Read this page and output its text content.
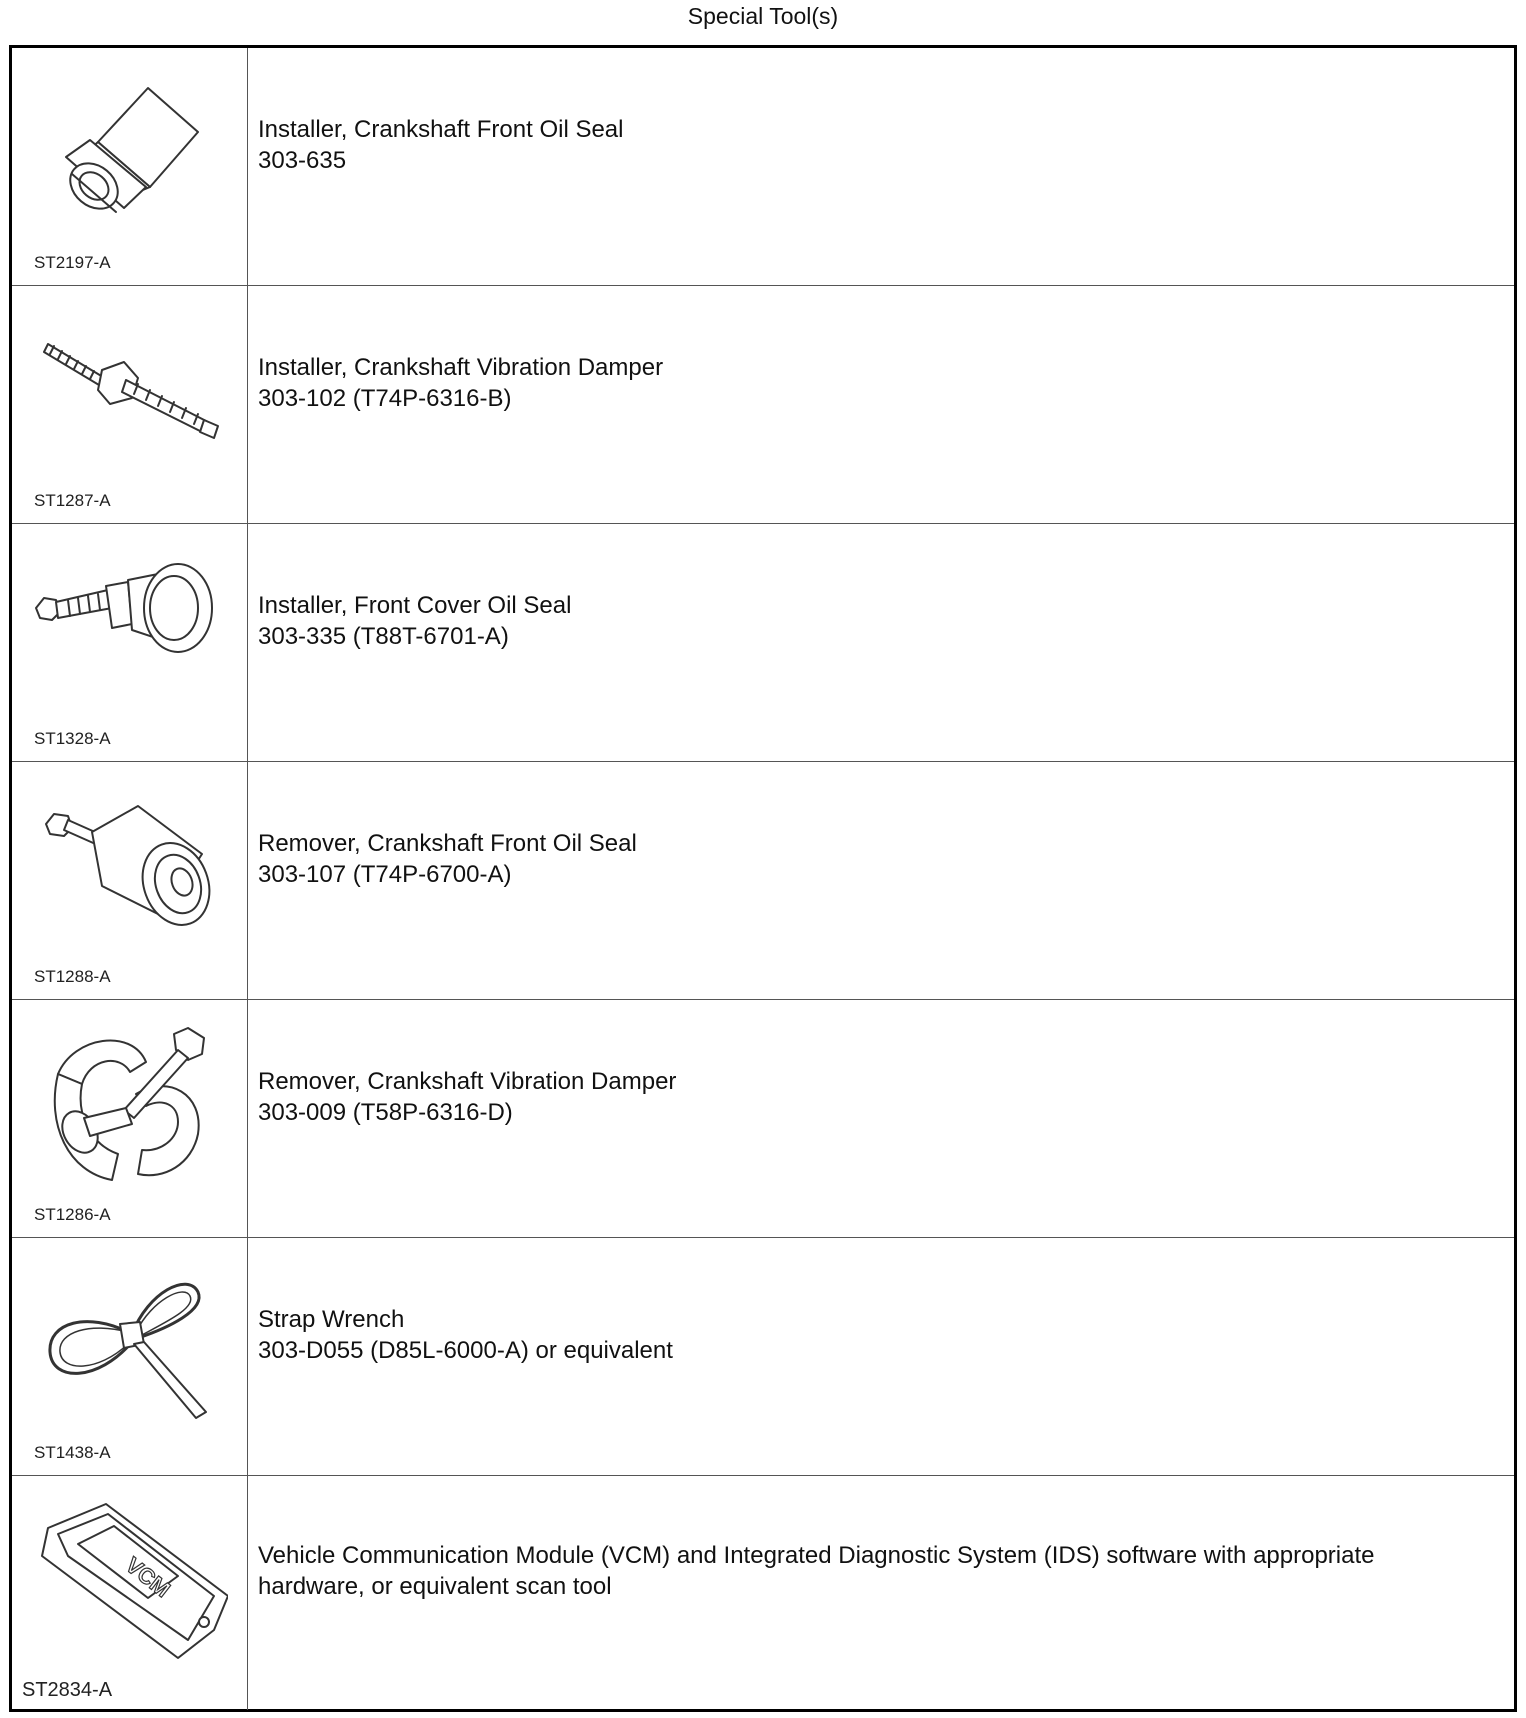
Special Tool(s)
ST2197-A
Installer, Crankshaft Front Oil Seal
303-635
ST1287-A
Installer, Crankshaft Vibration Damper
303-102 (T74P-6316-B)
ST1328-A
Installer, Front Cover Oil Seal
303-335 (T88T-6701-A)
ST1288-A
Remover, Crankshaft Front Oil Seal
303-107 (T74P-6700-A)
ST1286-A
Remover, Crankshaft Vibration Damper
303-009 (T58P-6316-D)
ST1438-A
Strap Wrench
303-D055 (D85L-6000-A) or equivalent
VCM
ST2834-A
Vehicle Communication Module (VCM) and Integrated Diagnostic System (IDS) software with appropriate
hardware, or equivalent scan tool
